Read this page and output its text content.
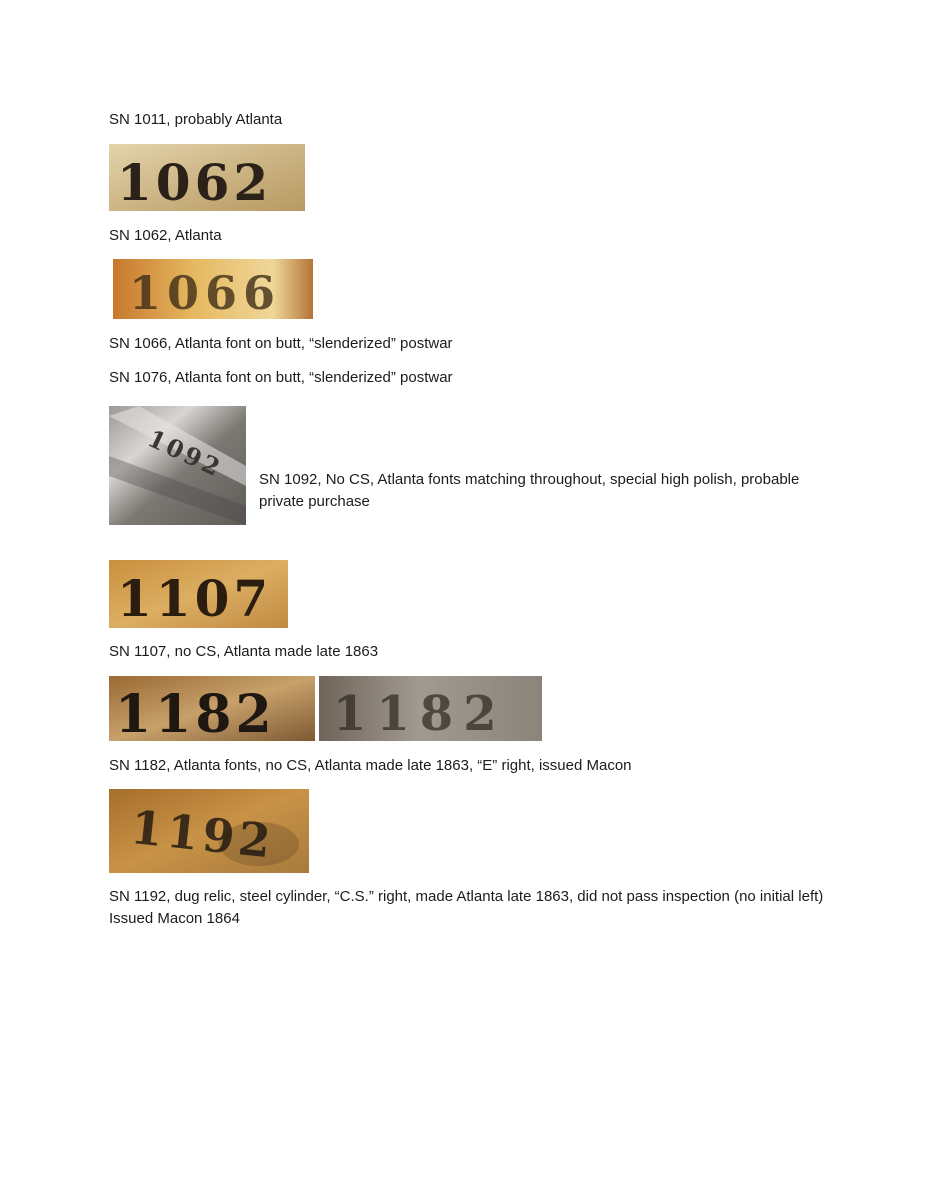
SN 1011, probably Atlanta

1062

SN 1062, Atlanta

1066

SN 1066, Atlanta font on butt, “slenderized” postwar

SN 1076, Atlanta font on butt, “slenderized” postwar

1092 SN 1092, No CS, Atlanta fonts matching throughout, special high polish, probable private purchase

1107

SN 1107, no CS, Atlanta made late 1863

1182 1182

SN 1182, Atlanta fonts, no CS, Atlanta made late 1863, “E” right, issued Macon

1192

SN 1192, dug relic, steel cylinder, “C.S.” right, made Atlanta late 1863, did not pass inspection (no initial left) Issued Macon 1864
